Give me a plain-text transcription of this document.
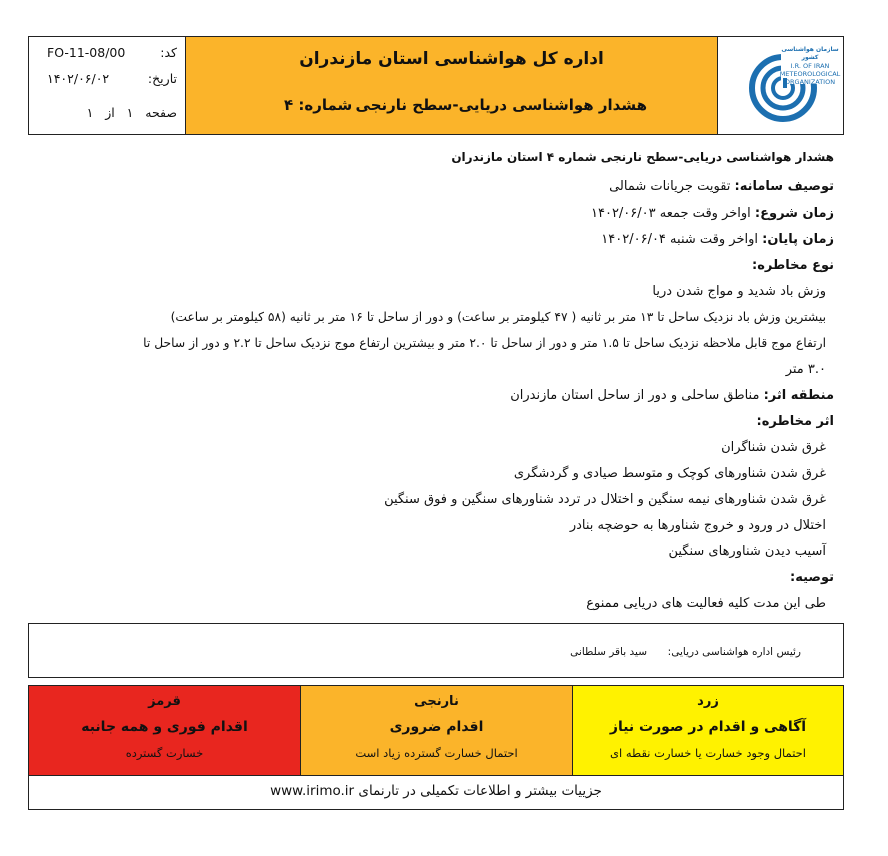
کد:
FO-11-08/00
تاریخ:
۱۴۰۲/۰۶/۰۲
صفحه   ۱   از   ۱
اداره کل هواشناسی استان مازندران
هشدار هواشناسی دریایی-سطح نارنجی
شماره: ۴
سازمان هواشناسی کشور
I.R. OF IRAN
METEOROLOGICAL
ORGANIZATION
هشدار هواشناسی دریایی-سطح نارنجی شماره ۴ استان مازندران
توصیف سامانه: تقویت جریانات شمالی
زمان شروع: اواخر وقت جمعه ۱۴۰۲/۰۶/۰۳
زمان پایان: اواخر وقت شنبه ۱۴۰۲/۰۶/۰۴
نوع مخاطره:
وزش باد شدید و مواج شدن دریا
بیشترین وزش باد نزدیک ساحل تا ۱۳ متر بر ثانیه ( ۴۷ کیلومتر بر ساعت) و دور از ساحل تا ۱۶ متر بر ثانیه (۵۸ کیلومتر بر ساعت)
ارتفاع موج قابل ملاحظه نزدیک ساحل تا ۱.۵ متر و دور از ساحل تا ۲.۰ متر و بیشترین ارتفاع موج نزدیک ساحل تا ۲.۲ و دور از ساحل تا
۳.۰ متر
منطقه اثر: مناطق ساحلی و دور از ساحل استان مازندران
اثر مخاطره:
غرق شدن شناگران
غرق شدن شناورهای کوچک و متوسط صیادی و گردشگری
غرق شدن شناورهای نیمه سنگین و اختلال در تردد شناورهای سنگین و فوق سنگین
اختلال در ورود و خروج شناورها به حوضچه بنادر
آسیب دیدن شناورهای سنگین
توصیه:
طی این مدت کلیه فعالیت های دریایی ممنوع
رئیس اداره هواشناسی دریایی:
سید باقر سلطانی
قرمز
اقدام فوری و همه جانبه
خسارت گسترده
نارنجی
اقدام ضروری
احتمال خسارت گسترده زیاد است
زرد
آگاهی و اقدام در صورت نیاز
احتمال وجود خسارت یا خسارت نقطه ای
جزییات بیشتر و اطلاعات تکمیلی در تارنمای www.irimo.ir
